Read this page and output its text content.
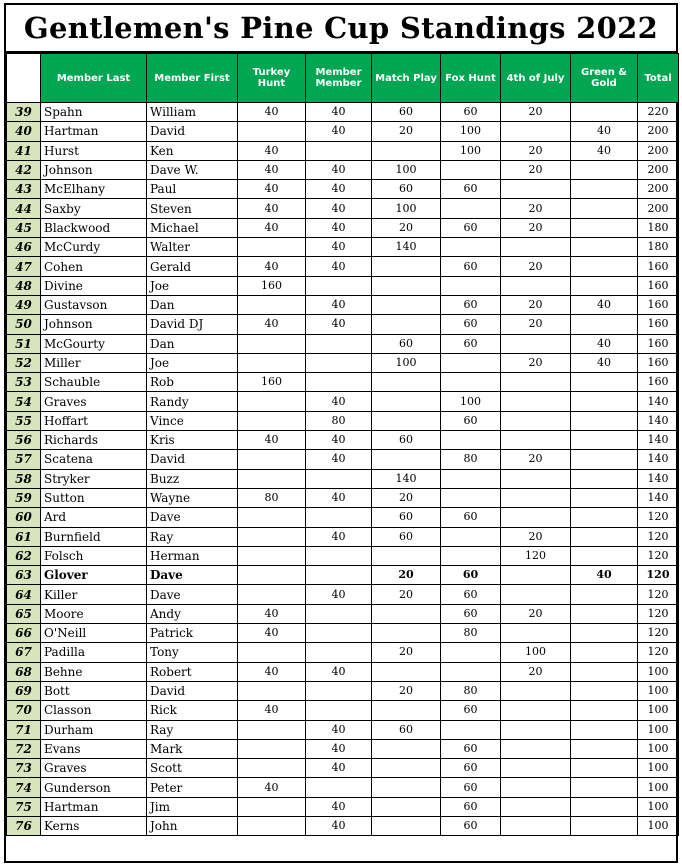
Gentlemen's Pine Cup Standings 2022
	Member Last	Member First	Turkey Hunt	Member Member	Match Play	Fox Hunt	4th of July	Green & Gold	Total
39	Spahn	William	40	40	60	60	20		220
40	Hartman	David		40	20	100		40	200
41	Hurst	Ken	40			100	20	40	200
42	Johnson	Dave W.	40	40	100		20		200
43	McElhany	Paul	40	40	60	60			200
44	Saxby	Steven	40	40	100		20		200
45	Blackwood	Michael	40	40	20	60	20		180
46	McCurdy	Walter		40	140				180
47	Cohen	Gerald	40	40		60	20		160
48	Divine	Joe	160						160
49	Gustavson	Dan		40		60	20	40	160
50	Johnson	David DJ	40	40		60	20		160
51	McGourty	Dan			60	60		40	160
52	Miller	Joe			100		20	40	160
53	Schauble	Rob	160						160
54	Graves	Randy		40		100			140
55	Hoffart	Vince		80		60			140
56	Richards	Kris	40	40	60				140
57	Scatena	David		40		80	20		140
58	Stryker	Buzz			140				140
59	Sutton	Wayne	80	40	20				140
60	Ard	Dave			60	60			120
61	Burnfield	Ray		40	60		20		120
62	Folsch	Herman					120		120
63	Glover	Dave			20	60		40	120
64	Killer	Dave		40	20	60			120
65	Moore	Andy	40			60	20		120
66	O'Neill	Patrick	40			80			120
67	Padilla	Tony			20		100		120
68	Behne	Robert	40	40			20		100
69	Bott	David			20	80			100
70	Classon	Rick	40			60			100
71	Durham	Ray		40	60				100
72	Evans	Mark		40		60			100
73	Graves	Scott		40		60			100
74	Gunderson	Peter	40			60			100
75	Hartman	Jim		40		60			100
76	Kerns	John		40		60			100
